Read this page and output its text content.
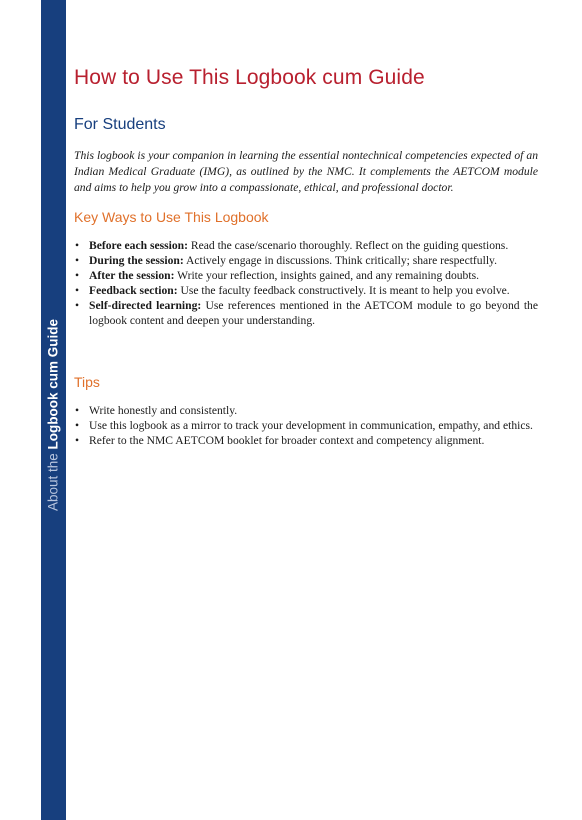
About the Logbook cum Guide
How to Use This Logbook cum Guide
For Students
This logbook is your companion in learning the essential nontechnical competencies expected of an Indian Medical Graduate (IMG), as outlined by the NMC. It complements the AETCOM module and aims to help you grow into a compassionate, ethical, and professional doctor.
Key Ways to Use This Logbook
• Before each session: Read the case/scenario thoroughly. Reflect on the guiding questions.
• During the session: Actively engage in discussions. Think critically; share respectfully.
• After the session: Write your reflection, insights gained, and any remaining doubts.
• Feedback section: Use the faculty feedback constructively. It is meant to help you evolve.
• Self-directed learning: Use references mentioned in the AETCOM module to go beyond the logbook content and deepen your understanding.
Tips
• Write honestly and consistently.
• Use this logbook as a mirror to track your development in communication, empathy, and ethics.
• Refer to the NMC AETCOM booklet for broader context and competency alignment.
